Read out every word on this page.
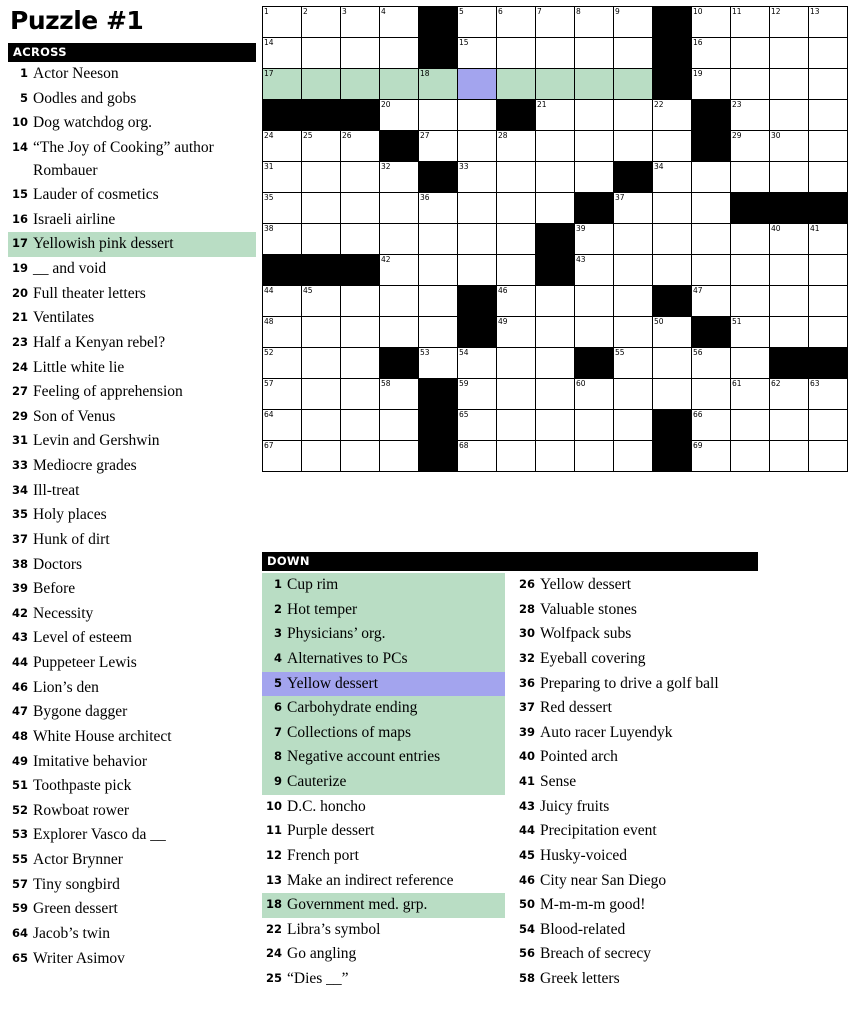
Puzzle #1
ACROSS
1 Actor Neeson
5 Oodles and gobs
10 Dog watchdog org.
14 “The Joy of Cooking” author Rombauer
15 Lauder of cosmetics
16 Israeli airline
17 Yellowish pink dessert
19 __ and void
20 Full theater letters
21 Ventilates
23 Half a Kenyan rebel?
24 Little white lie
27 Feeling of apprehension
29 Son of Venus
31 Levin and Gershwin
33 Mediocre grades
34 Ill-treat
35 Holy places
37 Hunk of dirt
38 Doctors
39 Before
42 Necessity
43 Level of esteem
44 Puppeteer Lewis
46 Lion’s den
47 Bygone dagger
48 White House architect
49 Imitative behavior
51 Toothpaste pick
52 Rowboat rower
53 Explorer Vasco da __
55 Actor Brynner
57 Tiny songbird
59 Green dessert
64 Jacob’s twin
65 Writer Asimov
1	2	3	4		5	6	7	8	9		10	11	12	13

14					15						16			

17				18							19			

			20				21			22		23		

24	25	26		27		28						29	30	

31			32		33					34				

35				36					37					

38								39					40	41

			42					43						

44	45					46					47			

48						49				50		51		

52				53	54				55		56			

57			58		59			60				61	62	63

64					65						66			

67					68						69			

DOWN
1 Cup rim
2 Hot temper
3 Physicians’ org.
4 Alternatives to PCs
5 Yellow dessert
6 Carbohydrate ending
7 Collections of maps
8 Negative account entries
9 Cauterize
10 D.C. honcho
11 Purple dessert
12 French port
13 Make an indirect reference
18 Government med. grp.
22 Libra’s symbol
24 Go angling
25 “Dies __”
26 Yellow dessert
28 Valuable stones
30 Wolfpack subs
32 Eyeball covering
36 Preparing to drive a golf ball
37 Red dessert
39 Auto racer Luyendyk
40 Pointed arch
41 Sense
43 Juicy fruits
44 Precipitation event
45 Husky-voiced
46 City near San Diego
50 M-m-m-m good!
54 Blood-related
56 Breach of secrecy
58 Greek letters
